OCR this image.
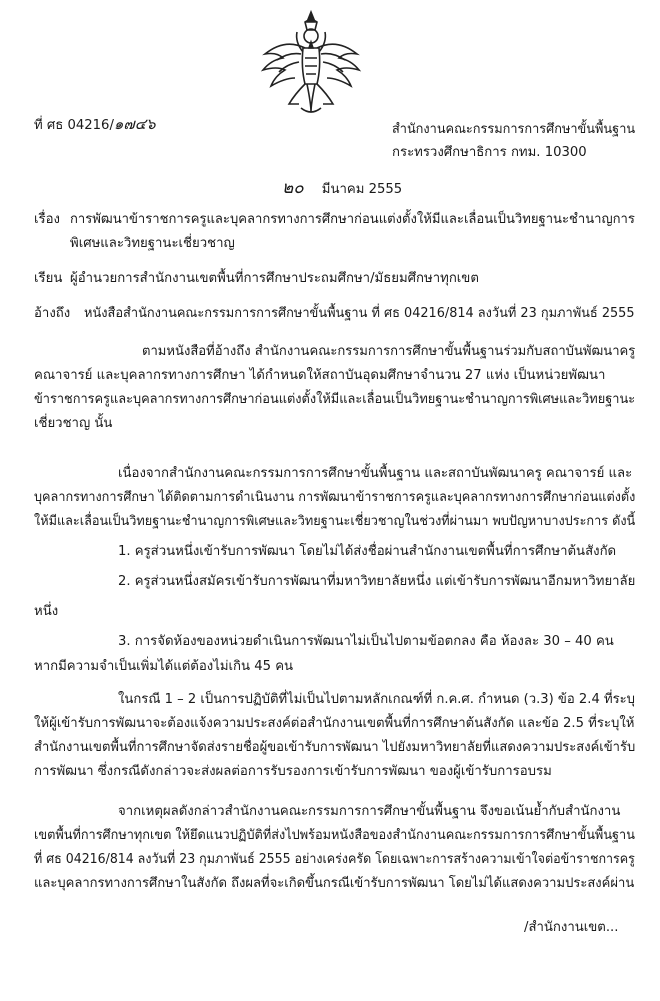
ที่ ศธ 04216/๑๗๔๖	สำนักงานคณะกรรมการการศึกษาขั้นพื้นฐาน
กระทรวงศึกษาธิการ กทม. 10300
๒๐ มีนาคม 2555
เรื่อง การพัฒนาข้าราชการครูและบุคลากรทางการศึกษาก่อนแต่งตั้งให้มีและเลื่อนเป็นวิทยฐานะชำนาญการ
พิเศษและวิทยฐานะเชี่ยวชาญ
เรียน ผู้อำนวยการสำนักงานเขตพื้นที่การศึกษาประถมศึกษา/มัธยมศึกษาทุกเขต
อ้างถึง หนังสือสำนักงานคณะกรรมการการศึกษาขั้นพื้นฐาน ที่ ศธ 04216/814 ลงวันที่ 23 กุมภาพันธ์ 2555
ตามหนังสือที่อ้างถึง สำนักงานคณะกรรมการการศึกษาขั้นพื้นฐานร่วมกับสถาบันพัฒนาครู
คณาจารย์ และบุคลากรทางการศึกษา ได้กำหนดให้สถาบันอุดมศึกษาจำนวน 27 แห่ง เป็นหน่วยพัฒนา
ข้าราชการครูและบุคลากรทางการศึกษาก่อนแต่งตั้งให้มีและเลื่อนเป็นวิทยฐานะชำนาญการพิเศษและวิทยฐานะ
เชี่ยวชาญ นั้น
เนื่องจากสำนักงานคณะกรรมการการศึกษาขั้นพื้นฐาน และสถาบันพัฒนาครู คณาจารย์ และ
บุคลากรทางการศึกษา ได้ติดตามการดำเนินงาน การพัฒนาข้าราชการครูและบุคลากรทางการศึกษาก่อนแต่งตั้ง
ให้มีและเลื่อนเป็นวิทยฐานะชำนาญการพิเศษและวิทยฐานะเชี่ยวชาญในช่วงที่ผ่านมา พบปัญหาบางประการ ดังนี้
1. ครูส่วนหนึ่งเข้ารับการพัฒนา โดยไม่ได้ส่งชื่อผ่านสำนักงานเขตพื้นที่การศึกษาต้นสังกัด
2. ครูส่วนหนึ่งสมัครเข้ารับการพัฒนาที่มหาวิทยาลัยหนึ่ง แต่เข้ารับการพัฒนาอีกมหาวิทยาลัย
หนึ่ง
3. การจัดห้องของหน่วยดำเนินการพัฒนาไม่เป็นไปตามข้อตกลง คือ ห้องละ 30 – 40 คน
หากมีความจำเป็นเพิ่มได้แต่ต้องไม่เกิน 45 คน
ในกรณี 1 – 2 เป็นการปฏิบัติที่ไม่เป็นไปตามหลักเกณฑ์ที่ ก.ค.ศ. กำหนด (ว.3) ข้อ 2.4 ที่ระบุ
ให้ผู้เข้ารับการพัฒนาจะต้องแจ้งความประสงค์ต่อสำนักงานเขตพื้นที่การศึกษาต้นสังกัด และข้อ 2.5 ที่ระบุให้
สำนักงานเขตพื้นที่การศึกษาจัดส่งรายชื่อผู้ขอเข้ารับการพัฒนา ไปยังมหาวิทยาลัยที่แสดงความประสงค์เข้ารับ
การพัฒนา ซึ่งกรณีดังกล่าวจะส่งผลต่อการรับรองการเข้ารับการพัฒนา ของผู้เข้ารับการอบรม
จากเหตุผลดังกล่าวสำนักงานคณะกรรมการการศึกษาขั้นพื้นฐาน จึงขอเน้นย้ำกับสำนักงาน
เขตพื้นที่การศึกษาทุกเขต ให้ยึดแนวปฏิบัติที่ส่งไปพร้อมหนังสือของสำนักงานคณะกรรมการการศึกษาขั้นพื้นฐาน
ที่ ศธ 04216/814 ลงวันที่ 23 กุมภาพันธ์ 2555 อย่างเคร่งครัด โดยเฉพาะการสร้างความเข้าใจต่อข้าราชการครู
และบุคลากรทางการศึกษาในสังกัด ถึงผลที่จะเกิดขึ้นกรณีเข้ารับการพัฒนา โดยไม่ได้แสดงความประสงค์ผ่าน
/สำนักงานเขต...
